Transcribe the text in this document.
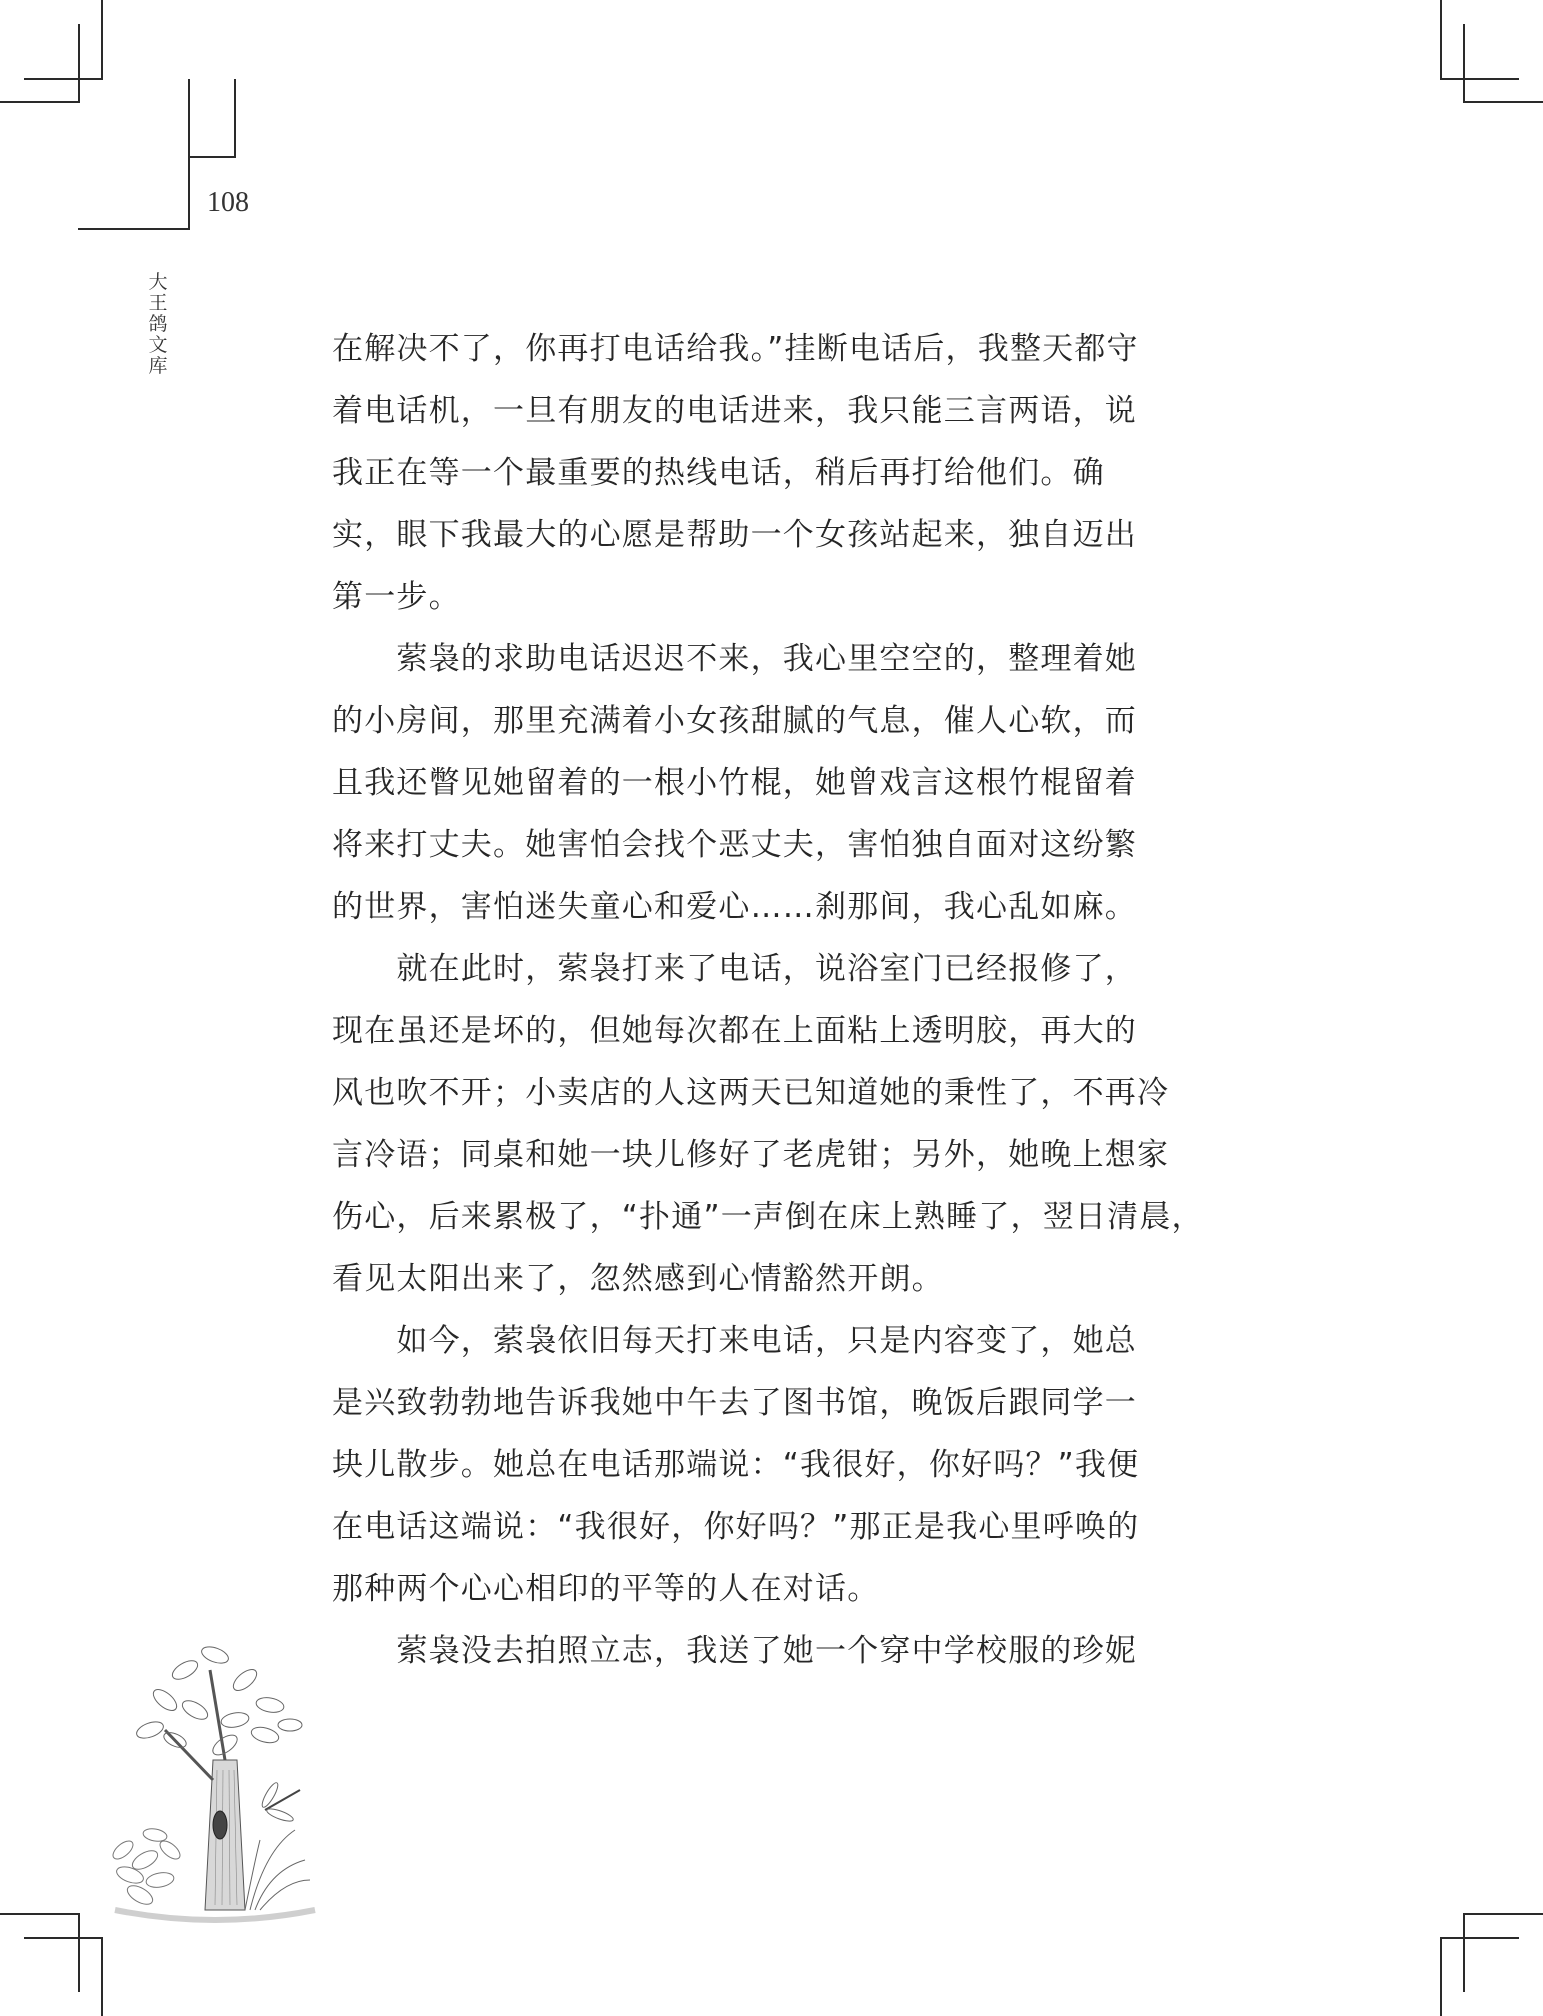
108
大
王
鸽
文
库	在解决不了，你再打电话给我。”挂断电话后，我整天都守
着电话机，一旦有朋友的电话进来，我只能三言两语，说
我正在等一个最重要的热线电话，稍后再打给他们。确
实，眼下我最大的心愿是帮助一个女孩站起来，独自迈出
第一步。
　　萦袅的求助电话迟迟不来，我心里空空的，整理着她
的小房间，那里充满着小女孩甜腻的气息，催人心软，而
且我还瞥见她留着的一根小竹棍，她曾戏言这根竹棍留着
将来打丈夫。她害怕会找个恶丈夫，害怕独自面对这纷繁
的世界，害怕迷失童心和爱心……刹那间，我心乱如麻。
　　就在此时，萦袅打来了电话，说浴室门已经报修了，
现在虽还是坏的，但她每次都在上面粘上透明胶，再大的
风也吹不开；小卖店的人这两天已知道她的秉性了，不再冷
言冷语；同桌和她一块儿修好了老虎钳；另外，她晚上想家
伤心，后来累极了，“扑通”一声倒在床上熟睡了，翌日清晨，
看见太阳出来了，忽然感到心情豁然开朗。
　　如今，萦袅依旧每天打来电话，只是内容变了，她总
是兴致勃勃地告诉我她中午去了图书馆，晚饭后跟同学一
块儿散步。她总在电话那端说：“我很好，你好吗？”我便
在电话这端说：“我很好，你好吗？”那正是我心里呼唤的
那种两个心心相印的平等的人在对话。
　　萦袅没去拍照立志，我送了她一个穿中学校服的珍妮
